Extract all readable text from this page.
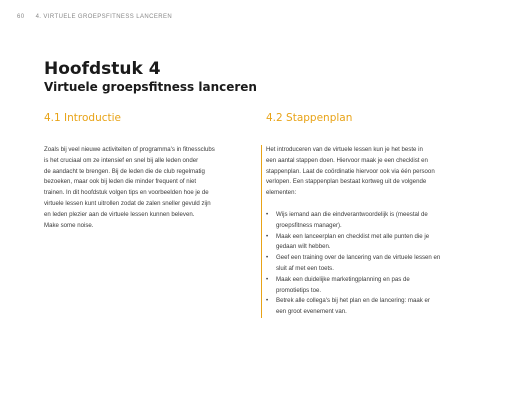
60 4. VIRTUELE GROEPSFITNESS LANCEREN
Hoofdstuk 4
Virtuele groepsfitness lanceren
4.1 Introductie	4.2 Stappenplan

Zoals bij veel nieuwe activiteiten of programma's in fitnessclubs
is het cruciaal om ze intensief en snel bij alle leden onder
de aandacht te brengen. Bij de leden die de club regelmatig
bezoeken, maar ook bij leden die minder frequent of niet
trainen. In dit hoofdstuk volgen tips en voorbeelden hoe je de
virtuele lessen kunt uitrollen zodat de zalen sneller gevuld zijn
en leden plezier aan de virtuele lessen kunnen beleven.
Make some noise.

Het introduceren van de virtuele lessen kun je het beste in
een aantal stappen doen. Hiervoor maak je een checklist en
stappenplan. Laat de coördinatie hiervoor ook via één persoon
verlopen. Een stappenplan bestaat kortweg uit de volgende
elementen:

• Wijs iemand aan die eindverantwoordelijk is (meestal de
groepsfitness manager).
• Maak een lanceerplan en checklist met alle punten die je
gedaan wilt hebben.
• Geef een training over de lancering van de virtuele lessen en
sluit af met een toets.
• Maak een duidelijke marketingplanning en pas de
promotietips toe.
• Betrek alle collega's bij het plan en de lancering: maak er
een groot evenement van.
